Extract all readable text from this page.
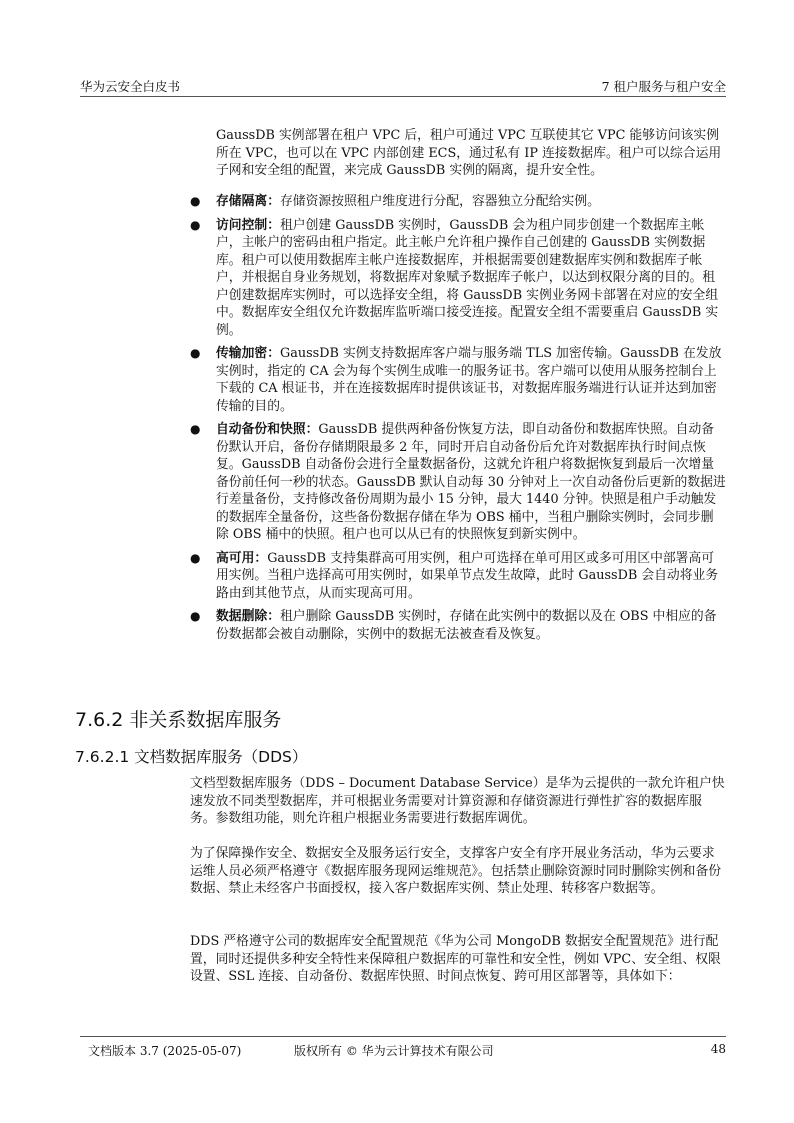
华为云安全白皮书	7 租户服务与租户安全
GaussDB 实例部署在租户 VPC 后，租户可通过 VPC 互联使其它 VPC 能够访问该实例所在 VPC，也可以在 VPC 内部创建 ECS，通过私有 IP 连接数据库。租户可以综合运用子网和安全组的配置，来完成 GaussDB 实例的隔离，提升安全性。
● 存储隔离：存储资源按照租户维度进行分配，容器独立分配给实例。
● 访问控制：租户创建 GaussDB 实例时，GaussDB 会为租户同步创建一个数据库主帐户，主帐户的密码由租户指定。此主帐户允许租户操作自己创建的 GaussDB 实例数据库。租户可以使用数据库主帐户连接数据库，并根据需要创建数据库实例和数据库子帐户，并根据自身业务规划，将数据库对象赋予数据库子帐户，以达到权限分离的目的。租户创建数据库实例时，可以选择安全组，将 GaussDB 实例业务网卡部署在对应的安全组中。数据库安全组仅允许数据库监听端口接受连接。配置安全组不需要重启 GaussDB 实例。
● 传输加密：GaussDB 实例支持数据库客户端与服务端 TLS 加密传输。GaussDB 在发放实例时，指定的 CA 会为每个实例生成唯一的服务证书。客户端可以使用从服务控制台上下载的 CA 根证书，并在连接数据库时提供该证书，对数据库服务端进行认证并达到加密传输的目的。
● 自动备份和快照：GaussDB 提供两种备份恢复方法，即自动备份和数据库快照。自动备份默认开启，备份存储期限最多 2 年，同时开启自动备份后允许对数据库执行时间点恢复。GaussDB 自动备份会进行全量数据备份，这就允许租户将数据恢复到最后一次增量备份前任何一秒的状态。GaussDB 默认自动每 30 分钟对上一次自动备份后更新的数据进行差量备份，支持修改备份周期为最小 15 分钟，最大 1440 分钟。快照是租户手动触发的数据库全量备份，这些备份数据存储在华为 OBS 桶中，当租户删除实例时，会同步删除 OBS 桶中的快照。租户也可以从已有的快照恢复到新实例中。
● 高可用：GaussDB 支持集群高可用实例，租户可选择在单可用区或多可用区中部署高可用实例。当租户选择高可用实例时，如果单节点发生故障，此时 GaussDB 会自动将业务路由到其他节点，从而实现高可用。
● 数据删除：租户删除 GaussDB 实例时，存储在此实例中的数据以及在 OBS 中相应的备份数据都会被自动删除，实例中的数据无法被查看及恢复。
7.6.2 非关系数据库服务
7.6.2.1 文档数据库服务（DDS）

文档型数据库服务（DDS – Document Database Service）是华为云提供的一款允许租户快速发放不同类型数据库，并可根据业务需要对计算资源和存储资源进行弹性扩容的数据库服务。参数组功能，则允许租户根据业务需要进行数据库调优。

为了保障操作安全、数据安全及服务运行安全，支撑客户安全有序开展业务活动，华为云要求运维人员必须严格遵守《数据库服务现网运维规范》。包括禁止删除资源时同时删除实例和备份数据、禁止未经客户书面授权，接入客户数据库实例、禁止处理、转移客户数据等。

DDS 严格遵守公司的数据库安全配置规范《华为公司 MongoDB 数据安全配置规范》进行配置，同时还提供多种安全特性来保障租户数据库的可靠性和安全性，例如 VPC、安全组、权限设置、SSL 连接、自动备份、数据库快照、时间点恢复、跨可用区部署等，具体如下：

文档版本 3.7 (2025-05-07)	版权所有 © 华为云计算技术有限公司	48
